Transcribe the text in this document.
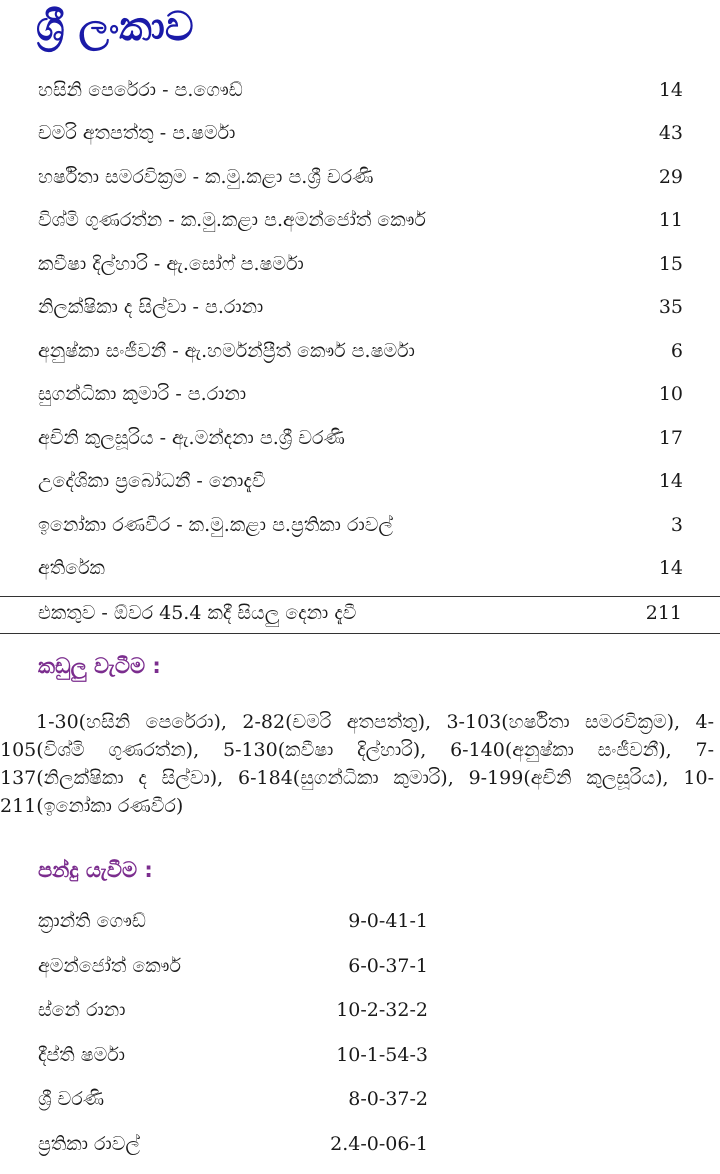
ශ්‍රී ලංකාව
හසිනි පෙරේරා - ප.ගෞඩ්	14
චමරි අතපත්තු - ප.ෂර්මා	43
හර්ෂිතා සමරවික්‍රම - ක.මු.කළා ප.ශ්‍රී චරණි	29
විශ්මි ගුණරත්න - ක.මු.කළා ප.අමන්ජෝත් කෞර්	11
කවීෂා දිල්හාරි - ඇ.සෝෆ් ප.ෂර්මා	15
නිලක්ෂිකා ද සිල්වා - ප.රානා	35
අනුෂ්කා සංජීවනී - ඇ.හර්මන්ප්‍රීත් කෞර් ප.ෂර්මා	6
සුගන්ධිකා කුමාරි - ප.රානා	10
අචිනි කුලසූරිය - ඇ.මන්දනා ප.ශ්‍රී චරණි	17
උදේශිකා ප්‍රබෝධනී - නොදැවී	14
ඉනෝකා රණවීර - ක.මු.කළා ප.ප්‍රතිකා රාවල්	3
අතිරේක	14
එකතුව - ඕවර 45.4 කදී සියලු දෙනා දැවී	211
කඩුලු වැටීම :

1-30(හසිනි පෙරේරා), 2-82(චමරි අතපත්තු), 3-103(හර්ෂිතා සමරවික්‍රම), 4-105(විශ්මි ගුණරත්න), 5-130(කවීෂා දිල්හාරි), 6-140(අනුෂ්කා සංජීවනී), 7-137(නිලක්ෂිකා ද සිල්වා), 6-184(සුගන්ධිකා කුමාරි), 9-199(අචිනි කුලසූරිය), 10-211(ඉනෝකා රණවීර)

පන්දු යැවීම :
ක්‍රාන්ති ගෞඩ්	9-0-41-1
අමන්ජෝත් කෞර්	6-0-37-1
ස්නේ රානා	10-2-32-2
දීප්ති ෂර්මා	10-1-54-3
ශ්‍රී චරණි	8-0-37-2
ප්‍රතිකා රාවල්	2.4-0-06-1
